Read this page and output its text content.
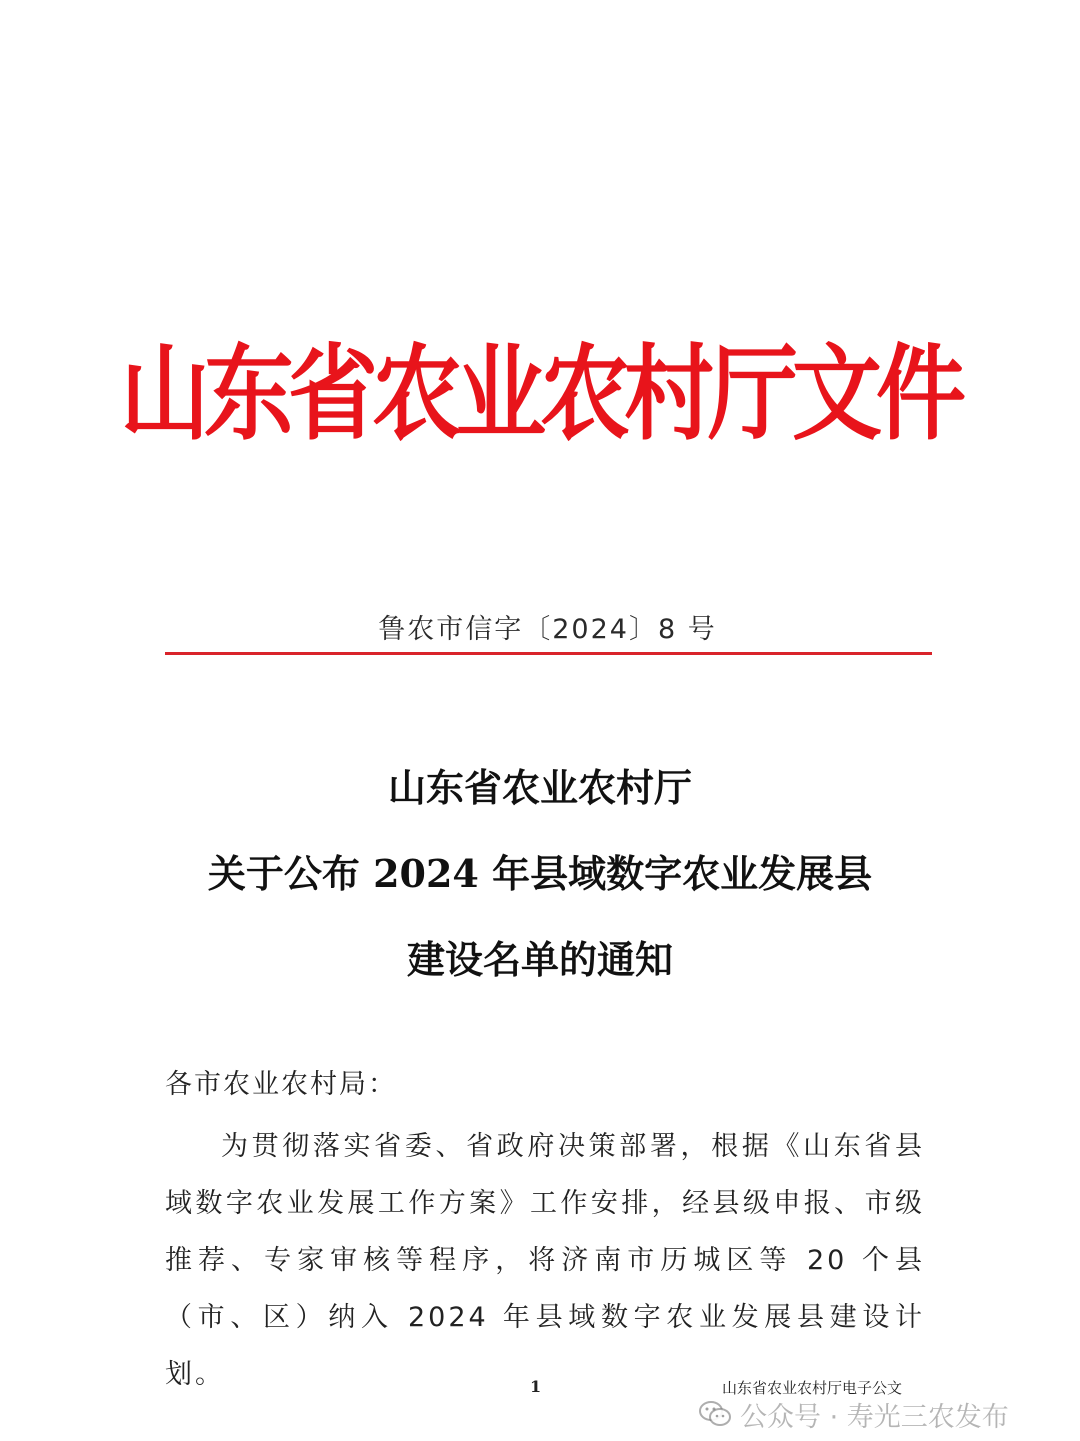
山东省农业农村厅文件
鲁农市信字〔2024〕8 号
山东省农业农村厅
关于公布 2024 年县域数字农业发展县
建设名单的通知
各市农业农村局：
为贯彻落实省委、省政府决策部署，根据《山东省县域数字农业发展工作方案》工作安排，经县级申报、市级推荐、专家审核等程序，将济南市历城区等 20 个县（市、区）纳入 2024 年县域数字农业发展县建设计划。	1	山东省农业农村厅电子公文
公众号 · 寿光三农发布
